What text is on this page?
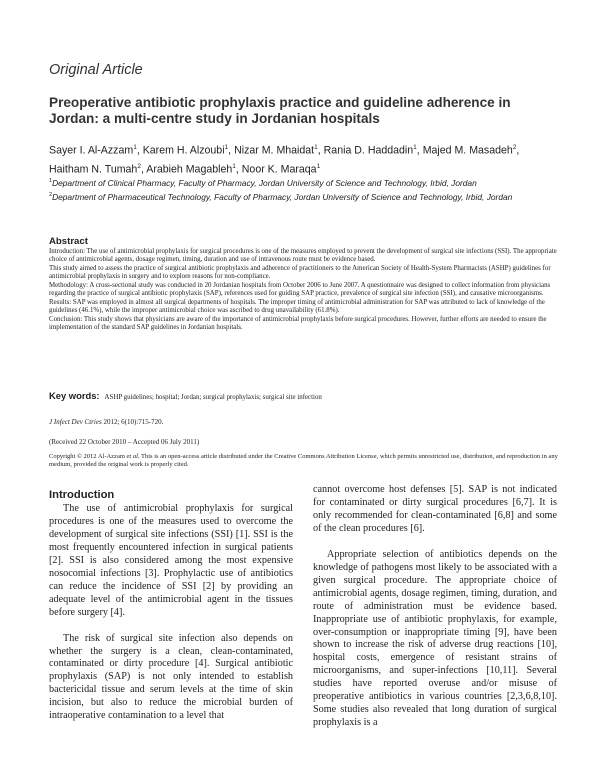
Original Article
Preoperative antibiotic prophylaxis practice and guideline adherence in Jordan: a multi-centre study in Jordanian hospitals
Sayer I. Al-Azzam$^1$, Karem H. Alzoubi$^1$, Nizar M. Mhaidat$^1$, Rania D. Haddadin$^1$, Majed M. Masadeh$^2$, Haitham N. Tumah$^2$, Arabieh Magableh$^1$, Noor K. Maraqa$^1$
$^1$Department of Clinical Pharmacy, Faculty of Pharmacy, Jordan University of Science and Technology, Irbid, Jordan
$^2$Department of Pharmaceutical Technology, Faculty of Pharmacy, Jordan University of Science and Technology, Irbid, Jordan
Abstract

Introduction: The use of antimicrobial prophylaxis for surgical procedures is one of the measures employed to prevent the development of surgical site infections (SSI). The appropriate choice of antimicrobial agents, dosage regimen, timing, duration and use of intravenous route must be evidence based.

This study aimed to assess the practice of surgical antibiotic prophylaxis and adherence of practitioners to the American Society of Health-System Pharmacists (ASHP) guidelines for antimicrobial prophylaxis in surgery and to explore reasons for non-compliance.

Methodology: A cross-sectional study was conducted in 20 Jordanian hospitals from October 2006 to June 2007. A questionnaire was designed to collect information from physicians regarding the practice of surgical antibiotic prophylaxis (SAP), references used for guiding SAP practice, prevalence of surgical site infection (SSI), and causative microorganisms.

Results: SAP was employed in almost all surgical departments of hospitals. The improper timing of antimicrobial administration for SAP was attributed to lack of knowledge of the guidelines (46.1%), while the improper antimicrobial choice was ascribed to drug unavailability (61.8%).

Conclusion: This study shows that physicians are aware of the importance of antimicrobial prophylaxis before surgical procedures. However, further efforts are needed to ensure the implementation of the standard SAP guidelines in Jordanian hospitals.

Key words: ASHP guidelines; hospital; Jordan; surgical prophylaxis; surgical site infection
J Infect Dev Ctries 2012; 6(10):715-720.
(Received 22 October 2010 – Accepted 06 July 2011)
Copyright © 2012 Al-Azzam et al. This is an open-access article distributed under the Creative Commons Attribution License, which permits unrestricted use, distribution, and reproduction in any medium, provided the original work is properly cited.
Introduction

The use of antimicrobial prophylaxis for surgical procedures is one of the measures used to overcome the development of surgical site infections (SSI) [1]. SSI is the most frequently encountered infection in surgical patients [2]. SSI is also considered among the most expensive nosocomial infections [3]. Prophylactic use of antibiotics can reduce the incidence of SSI [2] by providing an adequate level of the antimicrobial agent in the tissues before surgery [4].

The risk of surgical site infection also depends on whether the surgery is a clean, clean-contaminated, contaminated or dirty procedure [4]. Surgical antibiotic prophylaxis (SAP) is not only intended to establish bactericidal tissue and serum levels at the time of skin incision, but also to reduce the microbial burden of intraoperative contamination to a level that

cannot overcome host defenses [5]. SAP is not indicated for contaminated or dirty surgical procedures [6,7]. It is only recommended for clean-contaminated [6,8] and some of the clean procedures [6].

Appropriate selection of antibiotics depends on the knowledge of pathogens most likely to be associated with a given surgical procedure. The appropriate choice of antimicrobial agents, dosage regimen, timing, duration, and route of administration must be evidence based. Inappropriate use of antibiotic prophylaxis, for example, over-consumption or inappropriate timing [9], have been shown to increase the risk of adverse drug reactions [10], hospital costs, emergence of resistant strains of microorganisms, and super-infections [10,11]. Several studies have reported overuse and/or misuse of preoperative antibiotics in various countries [2,3,6,8,10]. Some studies also revealed that long duration of surgical prophylaxis is a
